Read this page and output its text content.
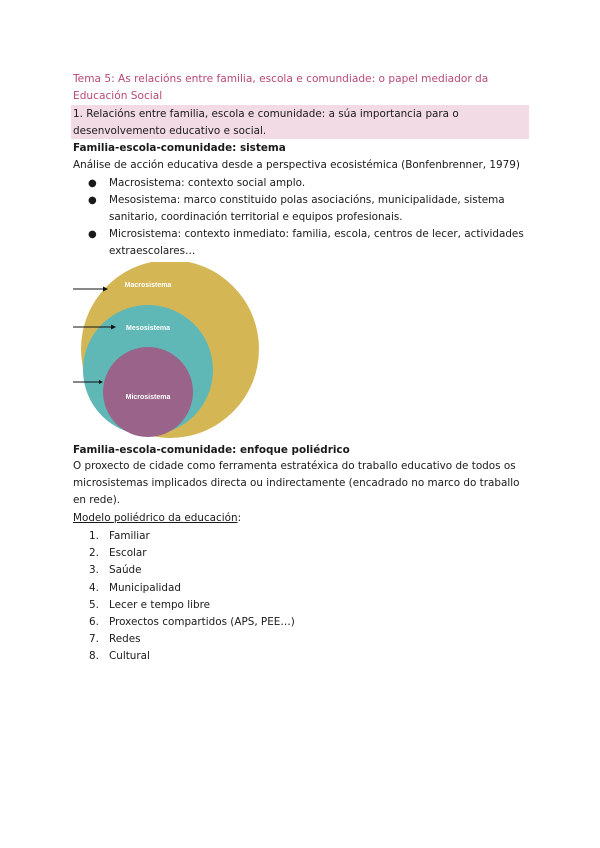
Tema 5: As relacións entre familia, escola e comundiade: o papel mediador da Educación Social
1. Relacións entre familia, escola e comunidade: a súa importancia para o desenvolvemento educativo e social.
Familia-escola-comunidade: sistema
Análise de acción educativa desde a perspectiva ecosistémica (Bonfenbrenner, 1979)
● Macrosistema: contexto social amplo.
● Mesosistema: marco constituido polas asociacións, municipalidade, sistema sanitario, coordinación territorial e equipos profesionais.
● Microsistema: contexto inmediato: familia, escola, centros de lecer, actividades extraescolares…
Macrosistema
Mesosistema
Microsistema
Familia-escola-comunidade: enfoque poliédrico
O proxecto de cidade como ferramenta estratéxica do traballo educativo de todos os microsistemas implicados directa ou indirectamente (encadrado no marco do traballo en rede).
Modelo poliédrico da educación:
1. Familiar
2. Escolar
3. Saúde
4. Municipalidad
5. Lecer e tempo libre
6. Proxectos compartidos (APS, PEE…)
7. Redes
8. Cultural
